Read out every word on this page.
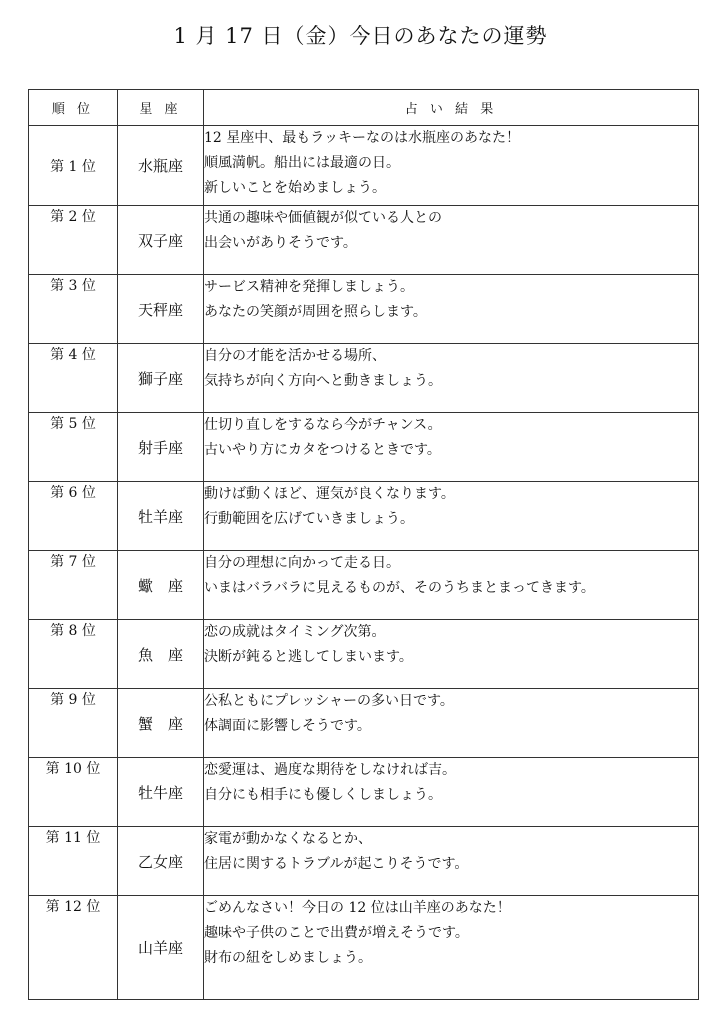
1 月 17 日（金）今日のあなたの運勢
順 位	星 座	占 い 結 果
第 1 位	水瓶座	12 星座中、最もラッキーなのは水瓶座のあなた！
順風満帆。船出には最適の日。
新しいことを始めましょう。

第 2 位	双子座	共通の趣味や価値観が似ている人との
出会いがありそうです。

第 3 位	天秤座	サービス精神を発揮しましょう。
あなたの笑顔が周囲を照らします。

第 4 位	獅子座	自分の才能を活かせる場所、
気持ちが向く方向へと動きましょう。

第 5 位	射手座	仕切り直しをするなら今がチャンス。
古いやり方にカタをつけるときです。

第 6 位	牡羊座	動けば動くほど、運気が良くなります。
行動範囲を広げていきましょう。

第 7 位	蠍　座	自分の理想に向かって走る日。
いまはバラバラに見えるものが、そのうちまとまってきます。

第 8 位	魚　座	恋の成就はタイミング次第。
決断が鈍ると逃してしまいます。

第 9 位	蟹　座	公私ともにプレッシャーの多い日です。
体調面に影響しそうです。

第 10 位	牡牛座	恋愛運は、過度な期待をしなければ吉。
自分にも相手にも優しくしましょう。

第 11 位	乙女座	家電が動かなくなるとか、
住居に関するトラブルが起こりそうです。

第 12 位	山羊座	ごめんなさい！今日の 12 位は山羊座のあなた！
趣味や子供のことで出費が増えそうです。
財布の紐をしめましょう。
